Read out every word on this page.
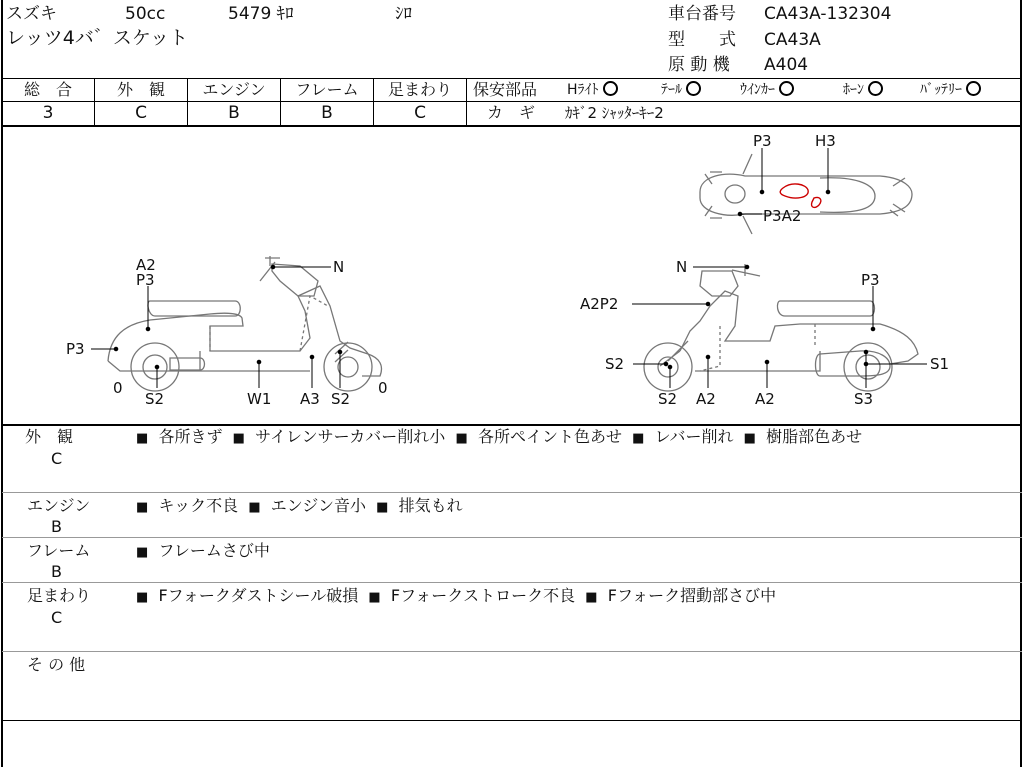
スズキ	50cc	5479 ｷﾛ	ｼﾛ
レッツ4バ゛スケット
車台番号 CA43A-132304
型　　式 CA43A
原 動 機 A404
総　合	外　観	エンジン	フレーム	足まわり
3	C	B	B	C
保安部品 Hﾗｲﾄ	ﾃｰﾙ	ｳｲﾝｶｰ	ﾎｰﾝ	ﾊﾞｯﾃﾘｰ
カ　ギ ｶｷﾞ2 ｼｬｯﾀｰｷｰ2
P3	H3
P3A2
A2
P3
N
P3
0
S2	W1 A3 S2
0
N
P3
A2P2
S2	S1
S2 A2	A2	S3
外　観
C
■ 各所きず ■ サイレンサーカバー削れ小 ■ 各所ペイント色あせ ■ レバー削れ ■ 樹脂部色あせ
エンジン
B
■ キック不良 ■ エンジン音小 ■ 排気もれ
フレーム
B
■ フレームさび中
足まわり
C
■ Fフォークダストシール破損 ■ Fフォークストローク不良 ■ Fフォーク摺動部さび中
そ の 他
